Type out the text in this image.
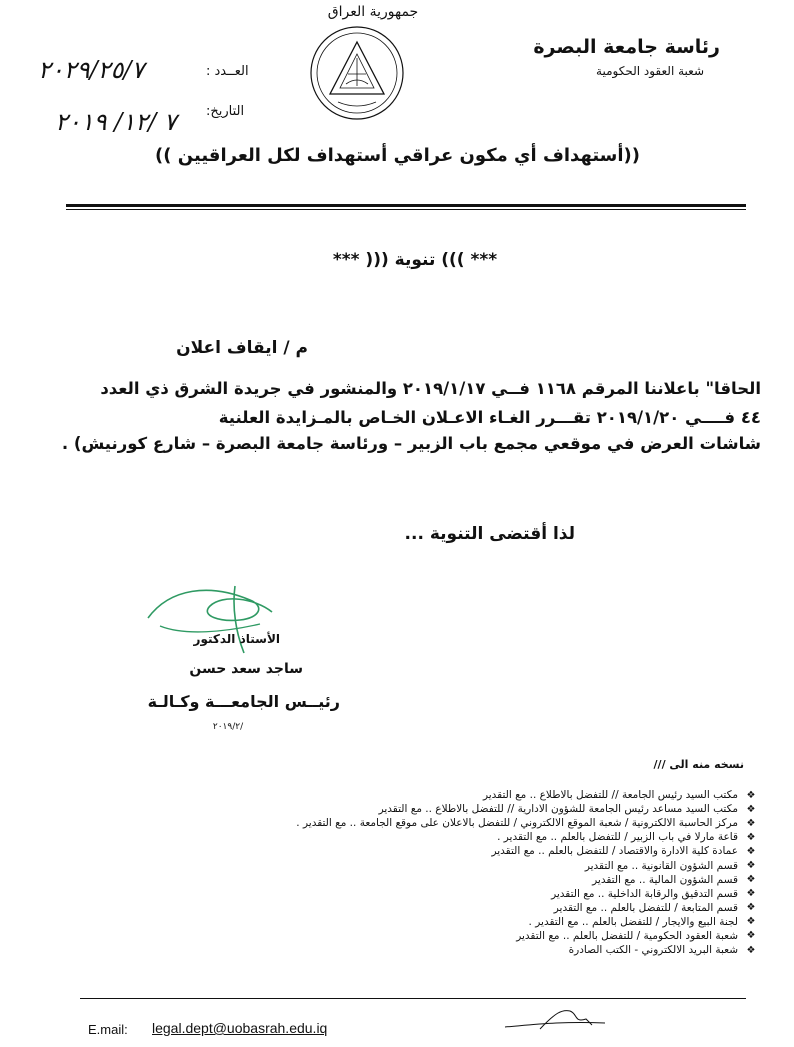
جمهورية العراق
رئاسة جامعة البصرة
شعبة العقود الحكومية
العــدد :
٢٠٢٩/٢٥/٧
التاريخ:
٧ /١٢/ ٢٠١٩
((أستهداف أي مكون عراقي أستهداف لكل العراقيين ))
*** ))) تنوية ((( ***
م / ايقاف اعلان
الحاقا" باعلاننا المرقم ١١٦٨ فــي ٢٠١٩/١/١٧ والمنشور في جريدة الشرق ذي العدد
٤٤ فــــي ٢٠١٩/١/٢٠ تقـــرر الغـاء الاعـلان الخـاص بالمـزايدة العلنية
شاشات العرض في موقعي مجمع باب الزبير – ورئاسة جامعة البصرة – شارع كورنيش) .
لذا أقتضى التنوية ...
الأستاذ الدكتور
ساجد سعد حسن
رئيــس الجامعـــة وكـالـة
٢٠١٩/٢/
نسخه منه الى ///
❖
مكتب السيد رئيس الجامعة // للتفضل بالاطلاع .. مع التقدير
❖
مكتب السيد مساعد رئيس الجامعة للشؤون الادارية // للتفضل بالاطلاع .. مع التقدير
❖
مركز الحاسبة الالكترونية / شعبة الموقع الالكتروني / للتفضل بالاعلان على موقع الجامعة .. مع التقدير .
❖
قاعة مارلا في باب الزبير / للتفضل بالعلم .. مع التقدير .
❖
عمادة كلية الادارة والاقتصاد / للتفضل بالعلم .. مع التقدير
❖
قسم الشؤون القانونية .. مع التقدير
❖
قسم الشؤون المالية .. مع التقدير
❖
قسم التدقيق والرقابة الداخلية .. مع التقدير
❖
قسم المتابعة / للتفضل بالعلم .. مع التقدير
❖
لجنة البيع والايجار / للتفضل بالعلم .. مع التقدير .
❖
شعبة العقود الحكومية / للتفضل بالعلم .. مع التقدير
❖
شعبة البريد الالكتروني - الكتب الصادرة
E.mail: legal.dept@uobasrah.edu.iq
